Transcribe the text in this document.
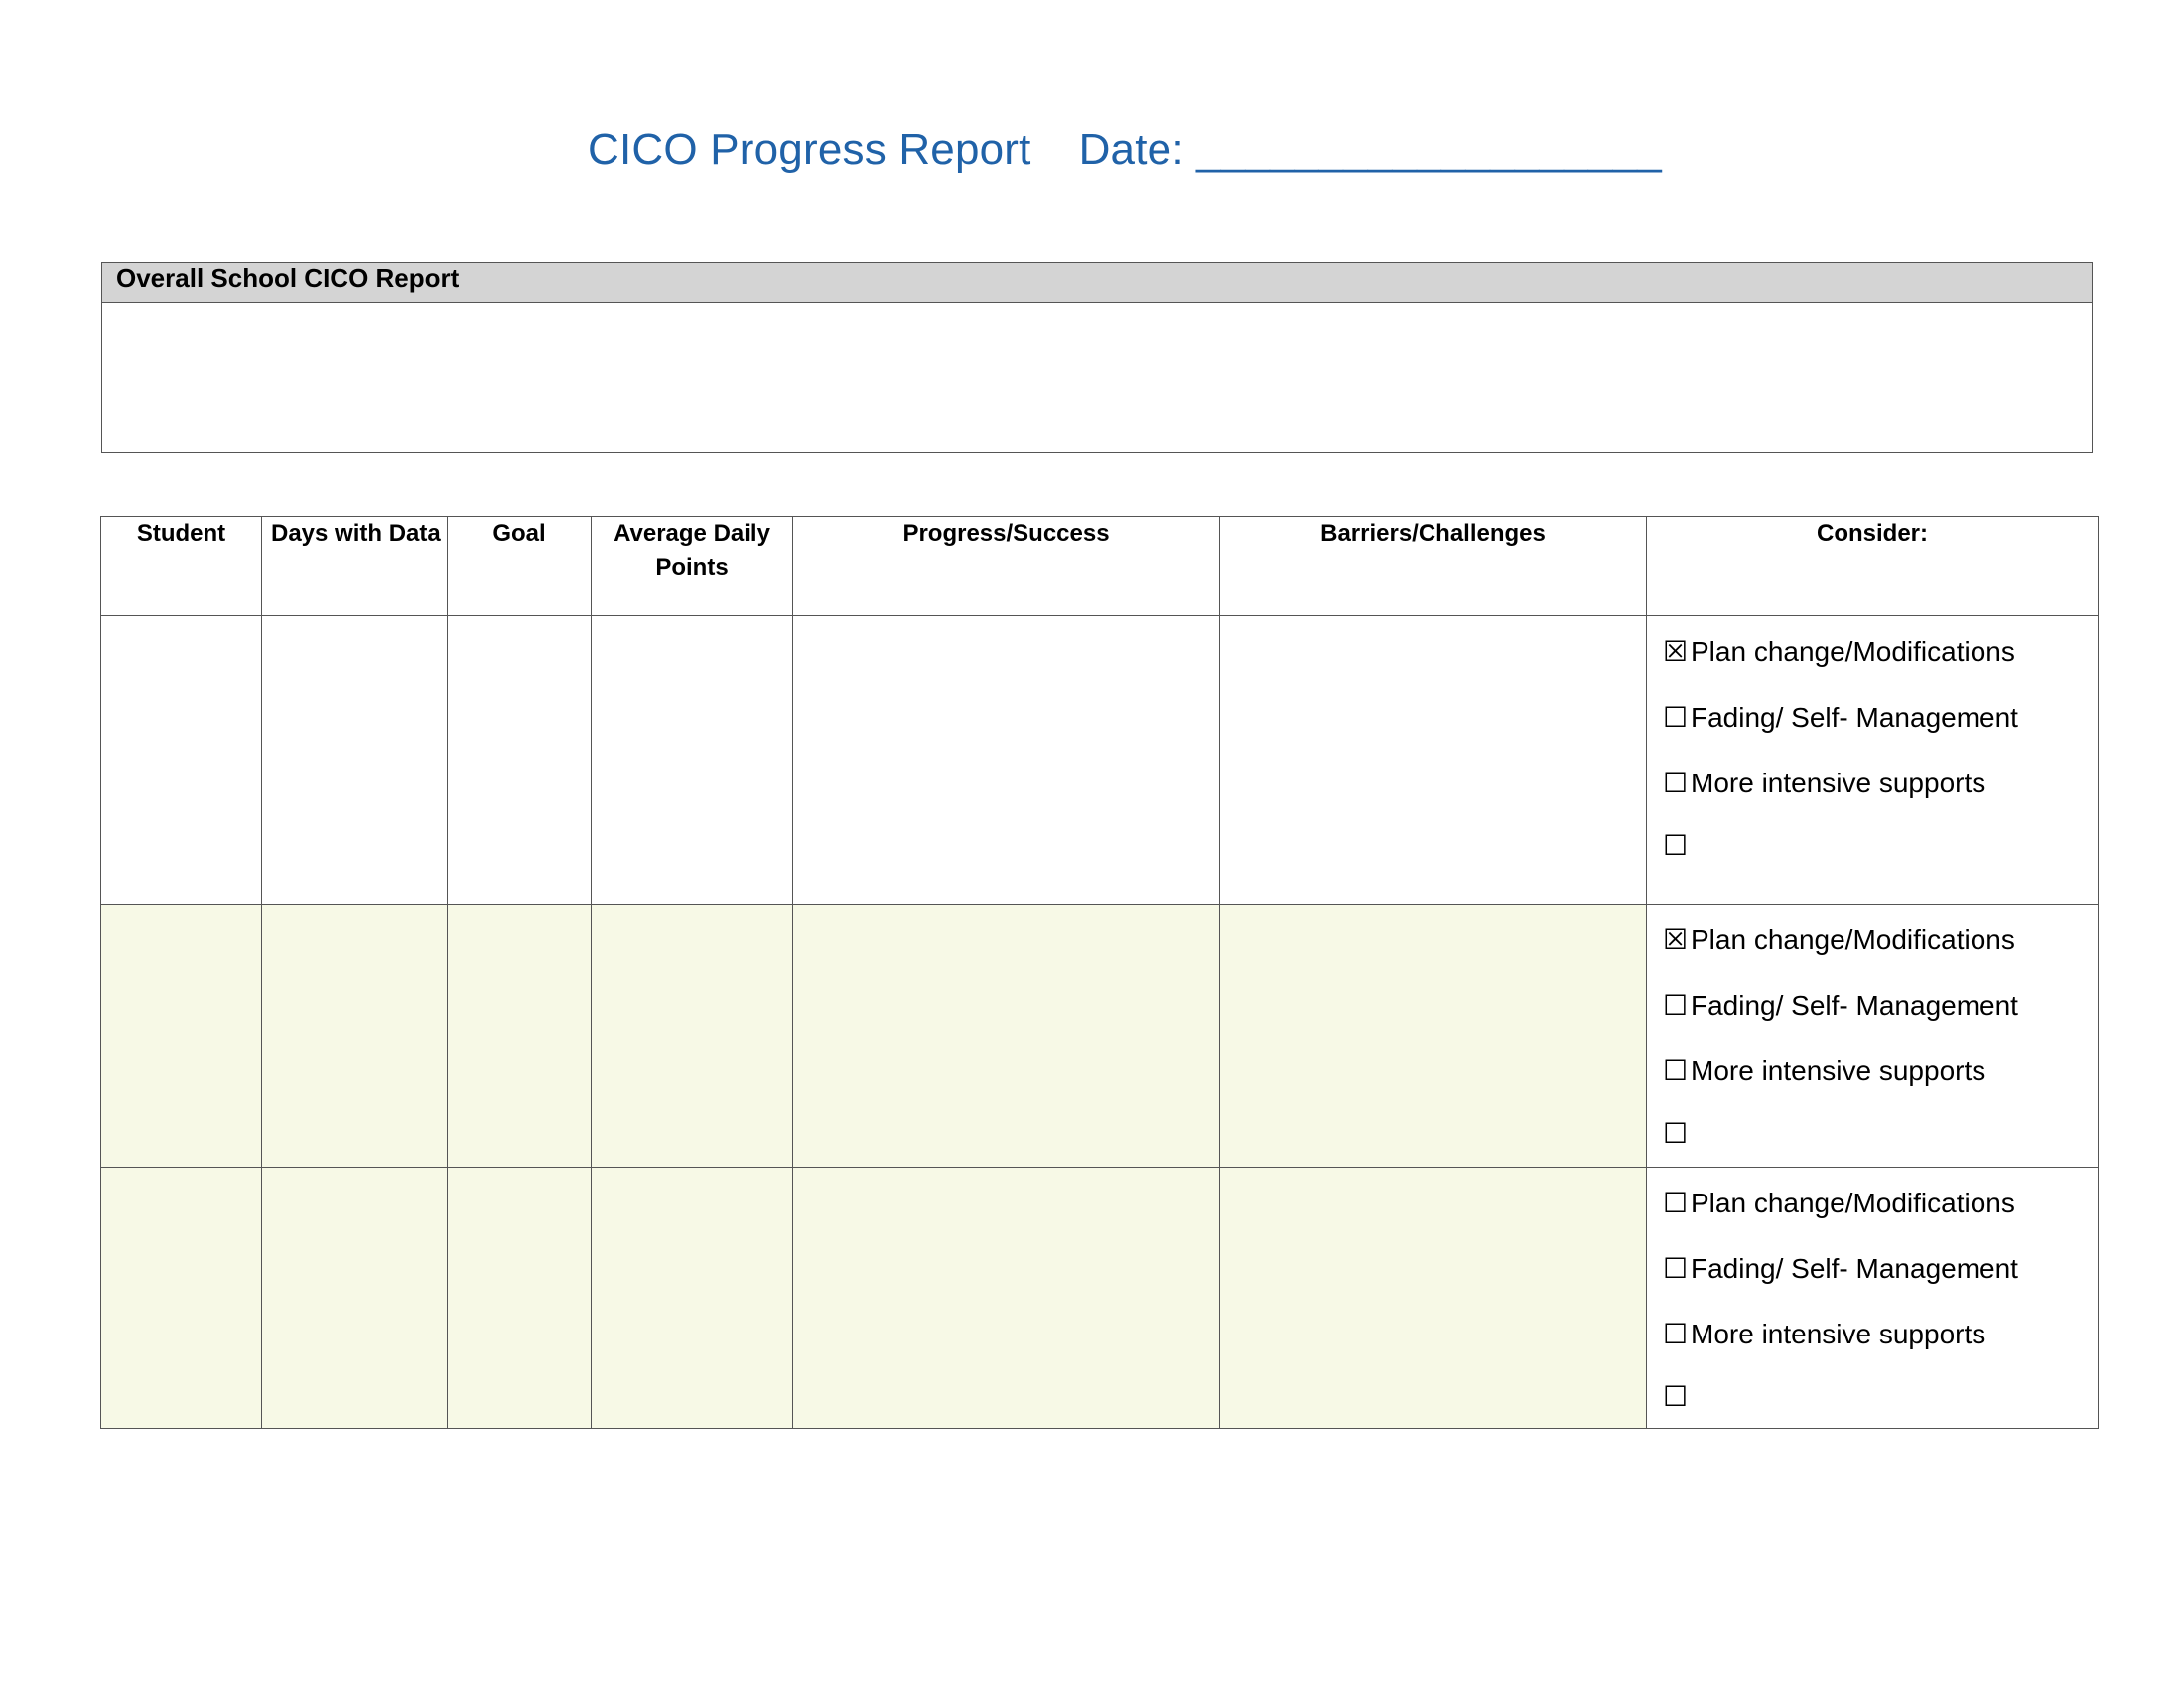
CICO Progress Report Date: ___________________
Overall School CICO Report
Student	Days with Data	Goal	Average Daily Points	Progress/Success	Barriers/Challenges	Consider:

						☒ Plan change/Modifications
☐ Fading/ Self- Management
☐ More intensive supports
☐

						☒ Plan change/Modifications
☐ Fading/ Self- Management
☐ More intensive supports
☐

						☐ Plan change/Modifications
☐ Fading/ Self- Management
☐ More intensive supports
☐
